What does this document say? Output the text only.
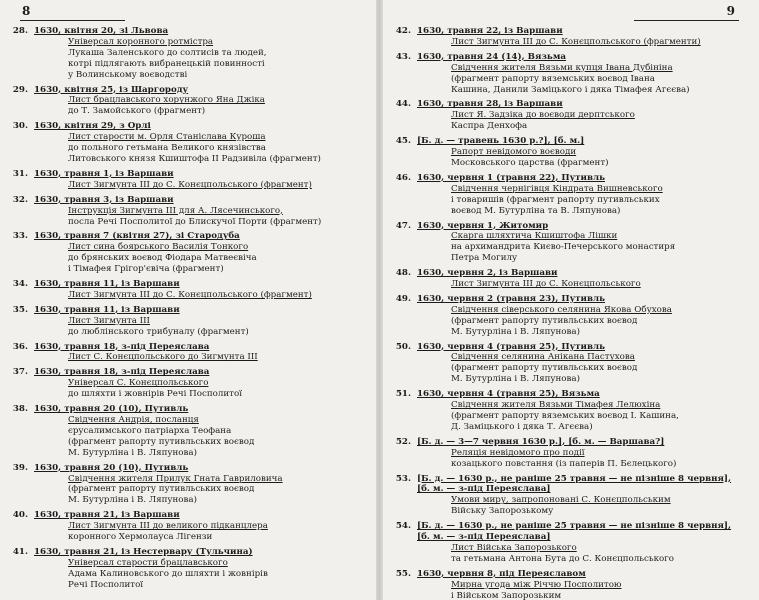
8
28. 1630, квітня 20, зі Львова
Універсал коронного ротмістра
Лукаша Заленського до солтисів та людей,
котрі підлягають вибранецькій повинності
у Волинському воєводстві
29. 1630, квітня 25, із Шаргороду
Лист брацлавського хорунжого Яна Джіка
до Т. Замойського (фрагмент)
30. 1630, квітня 29, з Орлі
Лист старости м. Орля Станіслава Куроша
до польного гетьмана Великого князівства
Литовського князя Кшиштофа ІІ Радзивіла (фрагмент)
31. 1630, травня 1, із Варшави
Лист Зигмунта ІІІ до С. Конєцпольського (фрагмент)
32. 1630, травня 3, із Варшави
Інструкція Зигмунта ІІІ для А. Лясечинського,
посла Речі Посполитої до Блискучої Порти (фрагмент)
33. 1630, травня 7 (квітня 27), зі Стародуба
Лист сина боярського Василія Тонкого
до брянських воєвод Фіодара Матвеєвіча
і Тімафея Грігор'євіча (фрагмент)
34. 1630, травня 11, із Варшави
Лист Зигмунта ІІІ до С. Конєцпольського (фрагмент)
35. 1630, травня 11, із Варшави
Лист Зигмунта ІІІ
до люблінського трибуналу (фрагмент)
36. 1630, травня 18, з-під Переяслава
Лист С. Конєцпольського до Зигмунта ІІІ
37. 1630, травня 18, з-під Переяслава
Універсал С. Конєцпольського
до шляхти і жовнірів Речі Посполитої
38. 1630, травня 20 (10), Путивль
Свідчення Андрія, посланця
єрусалимського патріарха Теофана
(фрагмент рапорту путивльських воєвод
М. Бутурліна і В. Ляпунова)
39. 1630, травня 20 (10), Путивль
Свідчення жителя Прилук Гната Гавриловича
(фрагмент рапорту путивльських воєвод
М. Бутурліна і В. Ляпунова)
40. 1630, травня 21, із Варшави
Лист Зигмунта ІІІ до великого підканцлера
коронного Хермолауса Лігензи
41. 1630, травня 21, із Нестервару (Тульчина)
Універсал старости брацлавського
Адама Калиновського до шляхти і жовнірів
Речі Посполитої
9
42. 1630, травня 22, із Варшави
Лист Зигмунта ІІІ до С. Конєцпольського (фрагменти)
43. 1630, травня 24 (14), Вязьма
Свідчення жителя Вязьми купця Івана Дубініна
(фрагмент рапорту вяземських воєвод Івана
Кашина, Данили Заміцького і дяка Тімафея Агєєва)
44. 1630, травня 28, із Варшави
Лист Я. Задзіка до воєводи дерптського
Каспра Денхофа
45. [Б. д. — травень 1630 р.?], [б. м.]
Рапорт невідомого воєводи
Московського царства (фрагмент)
46. 1630, червня 1 (травня 22), Путивль
Свідчення чернігівця Кіндрата Вишневського
і товаришів (фрагмент рапорту путивльських
воєвод М. Бутурліна та В. Ляпунова)
47. 1630, червня 1, Житомир
Скарга шляхтича Кшиштофа Лішки
на архимандрита Києво-Печерського монастиря
Петра Могилу
48. 1630, червня 2, із Варшави
Лист Зигмунта ІІІ до С. Конєцпольського
49. 1630, червня 2 (травня 23), Путивль
Свідчення сіверського селянина Якова Обухова
(фрагмент рапорту путивльських воєвод
М. Бутурліна і В. Ляпунова)
50. 1630, червня 4 (травня 25), Путивль
Свідчення селянина Анікана Пастухова
(фрагмент рапорту путивльських воєвод
М. Бутурліна і В. Ляпунова)
51. 1630, червня 4 (травня 25), Вязьма
Свідчення жителя Вязьми Тімафея Лелюхіна
(фрагмент рапорту вяземських воєвод І. Кашина,
Д. Заміцького і дяка Т. Агєєва)
52. [Б. д. — 3—7 червня 1630 р.], [б. м. — Варшава?]
Реляція невідомого про події
козацького повстання (із паперів П. Бєлецького)
53. [Б. д. — 1630 р., не раніше 25 травня — не пізніше 8 червня],
[б. м. — з-під Переяслава]
Умови миру, запропоновані С. Конєцпольським
Війську Запорозькому
54. [Б. д. — 1630 р., не раніше 25 травня — не пізніше 8 червня],
[б. м. — з-під Переяслава]
Лист Війська Запорозького
та гетьмана Антона Бута до С. Конєцпольського
55. 1630, червня 8, під Переяславом
Мирна угода між Річчю Посполитою
і Військом Запорозьким
